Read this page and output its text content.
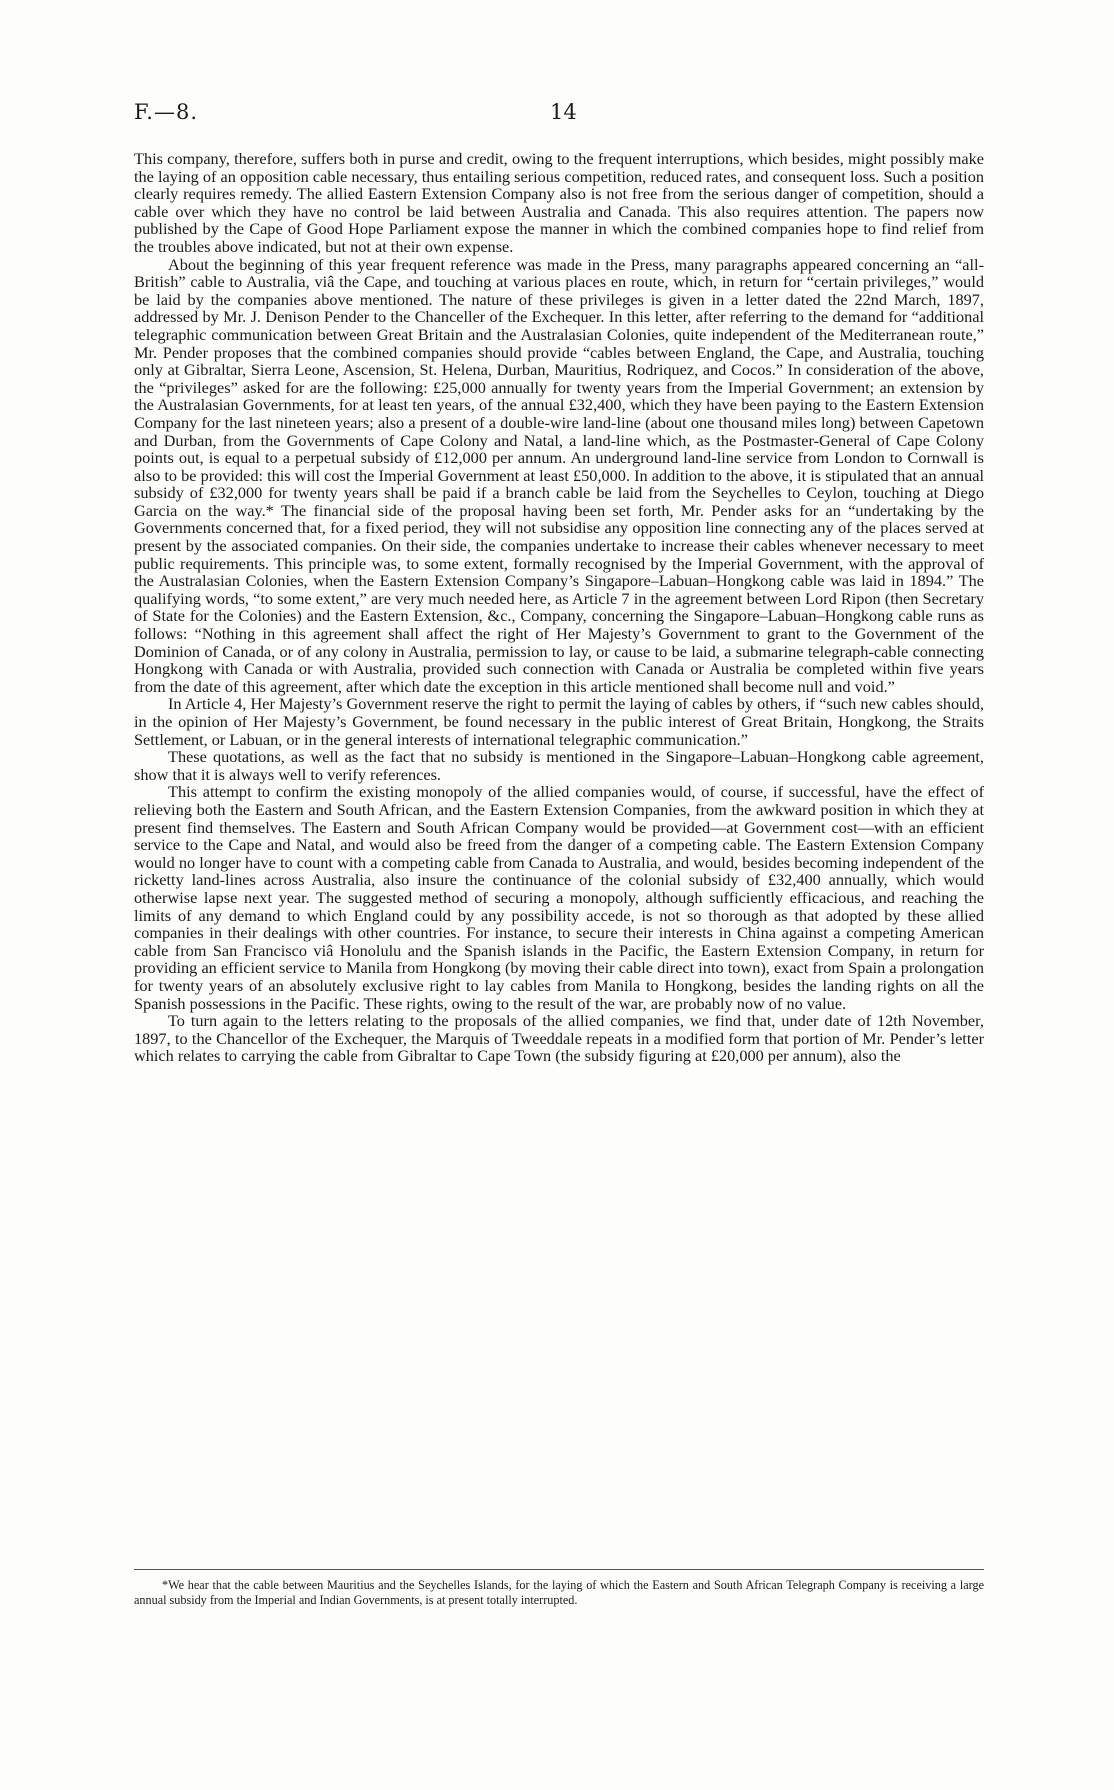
F.—8.	14

This company, therefore, suffers both in purse and credit, owing to the frequent interruptions, which besides, might possibly make the laying of an opposition cable necessary, thus entailing serious competition, reduced rates, and consequent loss. Such a position clearly requires remedy. The allied Eastern Extension Company also is not free from the serious danger of competition, should a cable over which they have no control be laid between Australia and Canada. This also requires attention. The papers now published by the Cape of Good Hope Parliament expose the manner in which the combined companies hope to find relief from the troubles above indicated, but not at their own expense.

About the beginning of this year frequent reference was made in the Press, many paragraphs appeared concerning an “all-British” cable to Australia, viâ the Cape, and touching at various places en route, which, in return for “certain privileges,” would be laid by the companies above mentioned. The nature of these privileges is given in a letter dated the 22nd March, 1897, addressed by Mr. J. Denison Pender to the Chanceller of the Exchequer. In this letter, after referring to the demand for “additional telegraphic communication between Great Britain and the Australasian Colonies, quite independent of the Mediterranean route,” Mr. Pender proposes that the combined companies should provide “cables between England, the Cape, and Australia, touching only at Gibraltar, Sierra Leone, Ascension, St. Helena, Durban, Mauritius, Rodriquez, and Cocos.” In consideration of the above, the “privileges” asked for are the following: £25,000 annually for twenty years from the Imperial Government; an extension by the Australasian Governments, for at least ten years, of the annual £32,400, which they have been paying to the Eastern Extension Company for the last nineteen years; also a present of a double-wire land-line (about one thousand miles long) between Capetown and Durban, from the Governments of Cape Colony and Natal, a land-line which, as the Postmaster-General of Cape Colony points out, is equal to a perpetual subsidy of £12,000 per annum. An underground land-line service from London to Cornwall is also to be provided: this will cost the Imperial Government at least £50,000. In addition to the above, it is stipulated that an annual subsidy of £32,000 for twenty years shall be paid if a branch cable be laid from the Seychelles to Ceylon, touching at Diego Garcia on the way.* The financial side of the proposal having been set forth, Mr. Pender asks for an “undertaking by the Governments concerned that, for a fixed period, they will not subsidise any opposition line connecting any of the places served at present by the associated companies. On their side, the companies undertake to increase their cables whenever necessary to meet public requirements. This principle was, to some extent, formally recognised by the Imperial Government, with the approval of the Australasian Colonies, when the Eastern Extension Company’s Singapore–Labuan–Hongkong cable was laid in 1894.” The qualifying words, “to some extent,” are very much needed here, as Article 7 in the agreement between Lord Ripon (then Secretary of State for the Colonies) and the Eastern Extension, &c., Company, concerning the Singapore–Labuan–Hongkong cable runs as follows: “Nothing in this agreement shall affect the right of Her Majesty’s Government to grant to the Government of the Dominion of Canada, or of any colony in Australia, permission to lay, or cause to be laid, a submarine telegraph-cable connecting Hongkong with Canada or with Australia, provided such connection with Canada or Australia be completed within five years from the date of this agreement, after which date the exception in this article mentioned shall become null and void.”

In Article 4, Her Majesty’s Government reserve the right to permit the laying of cables by others, if “such new cables should, in the opinion of Her Majesty’s Government, be found necessary in the public interest of Great Britain, Hongkong, the Straits Settlement, or Labuan, or in the general interests of international telegraphic communication.”

These quotations, as well as the fact that no subsidy is mentioned in the Singapore–Labuan–Hongkong cable agreement, show that it is always well to verify references.

This attempt to confirm the existing monopoly of the allied companies would, of course, if successful, have the effect of relieving both the Eastern and South African, and the Eastern Extension Companies, from the awkward position in which they at present find themselves. The Eastern and South African Company would be provided—at Government cost—with an efficient service to the Cape and Natal, and would also be freed from the danger of a competing cable. The Eastern Extension Company would no longer have to count with a competing cable from Canada to Australia, and would, besides becoming independent of the ricketty land-lines across Australia, also insure the continuance of the colonial subsidy of £32,400 annually, which would otherwise lapse next year. The suggested method of securing a monopoly, although sufficiently efficacious, and reaching the limits of any demand to which England could by any possibility accede, is not so thorough as that adopted by these allied companies in their dealings with other countries. For instance, to secure their interests in China against a competing American cable from San Francisco viâ Honolulu and the Spanish islands in the Pacific, the Eastern Extension Company, in return for providing an efficient service to Manila from Hongkong (by moving their cable direct into town), exact from Spain a prolongation for twenty years of an absolutely exclusive right to lay cables from Manila to Hongkong, besides the landing rights on all the Spanish possessions in the Pacific. These rights, owing to the result of the war, are probably now of no value.

To turn again to the letters relating to the proposals of the allied companies, we find that, under date of 12th November, 1897, to the Chancellor of the Exchequer, the Marquis of Tweeddale repeats in a modified form that portion of Mr. Pender’s letter which relates to carrying the cable from Gibraltar to Cape Town (the subsidy figuring at £20,000 per annum), also the

*We hear that the cable between Mauritius and the Seychelles Islands, for the laying of which the Eastern and South African Telegraph Company is receiving a large annual subsidy from the Imperial and Indian Governments, is at present totally interrupted.
